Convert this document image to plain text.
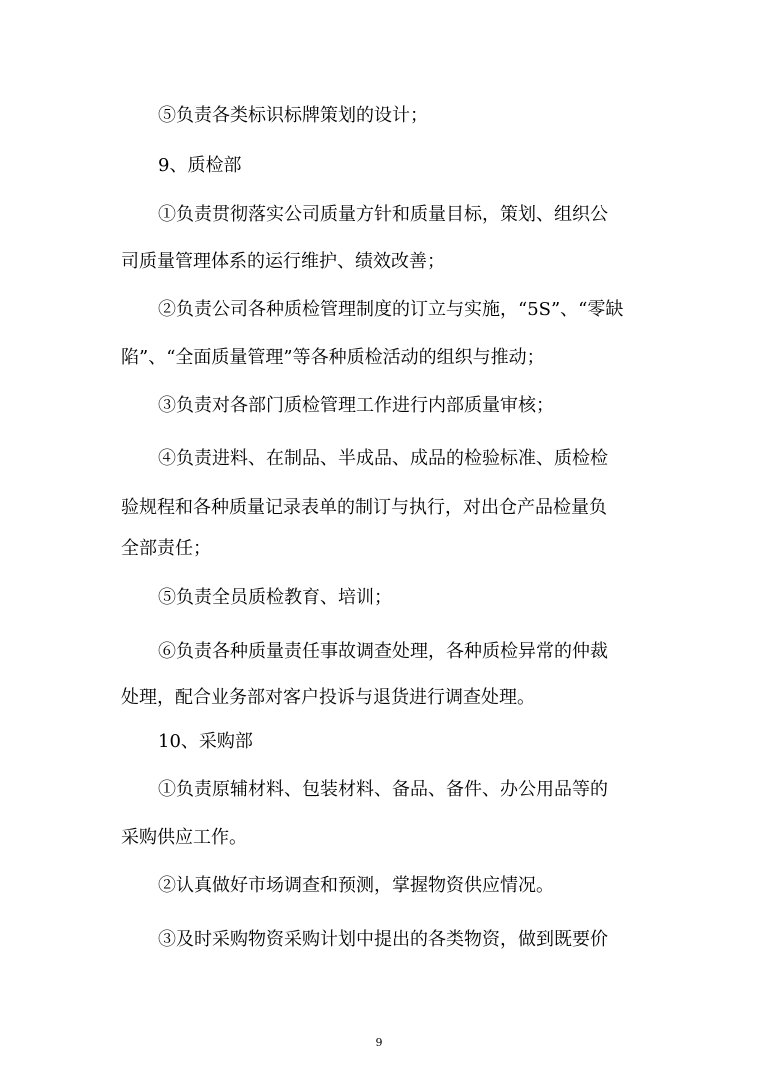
⑤负责各类标识标牌策划的设计；

9、质检部

①负责贯彻落实公司质量方针和质量目标，策划、组织公

司质量管理体系的运行维护、绩效改善；

②负责公司各种质检管理制度的订立与实施，“5S”、“零缺

陷”、“全面质量管理”等各种质检活动的组织与推动；

③负责对各部门质检管理工作进行内部质量审核；

④负责进料、在制品、半成品、成品的检验标准、质检检

验规程和各种质量记录表单的制订与执行，对出仓产品检量负

全部责任；

⑤负责全员质检教育、培训；

⑥负责各种质量责任事故调查处理，各种质检异常的仲裁

处理，配合业务部对客户投诉与退货进行调查处理。

10、采购部

①负责原辅材料、包装材料、备品、备件、办公用品等的

采购供应工作。

②认真做好市场调查和预测，掌握物资供应情况。

③及时采购物资采购计划中提出的各类物资，做到既要价

9
